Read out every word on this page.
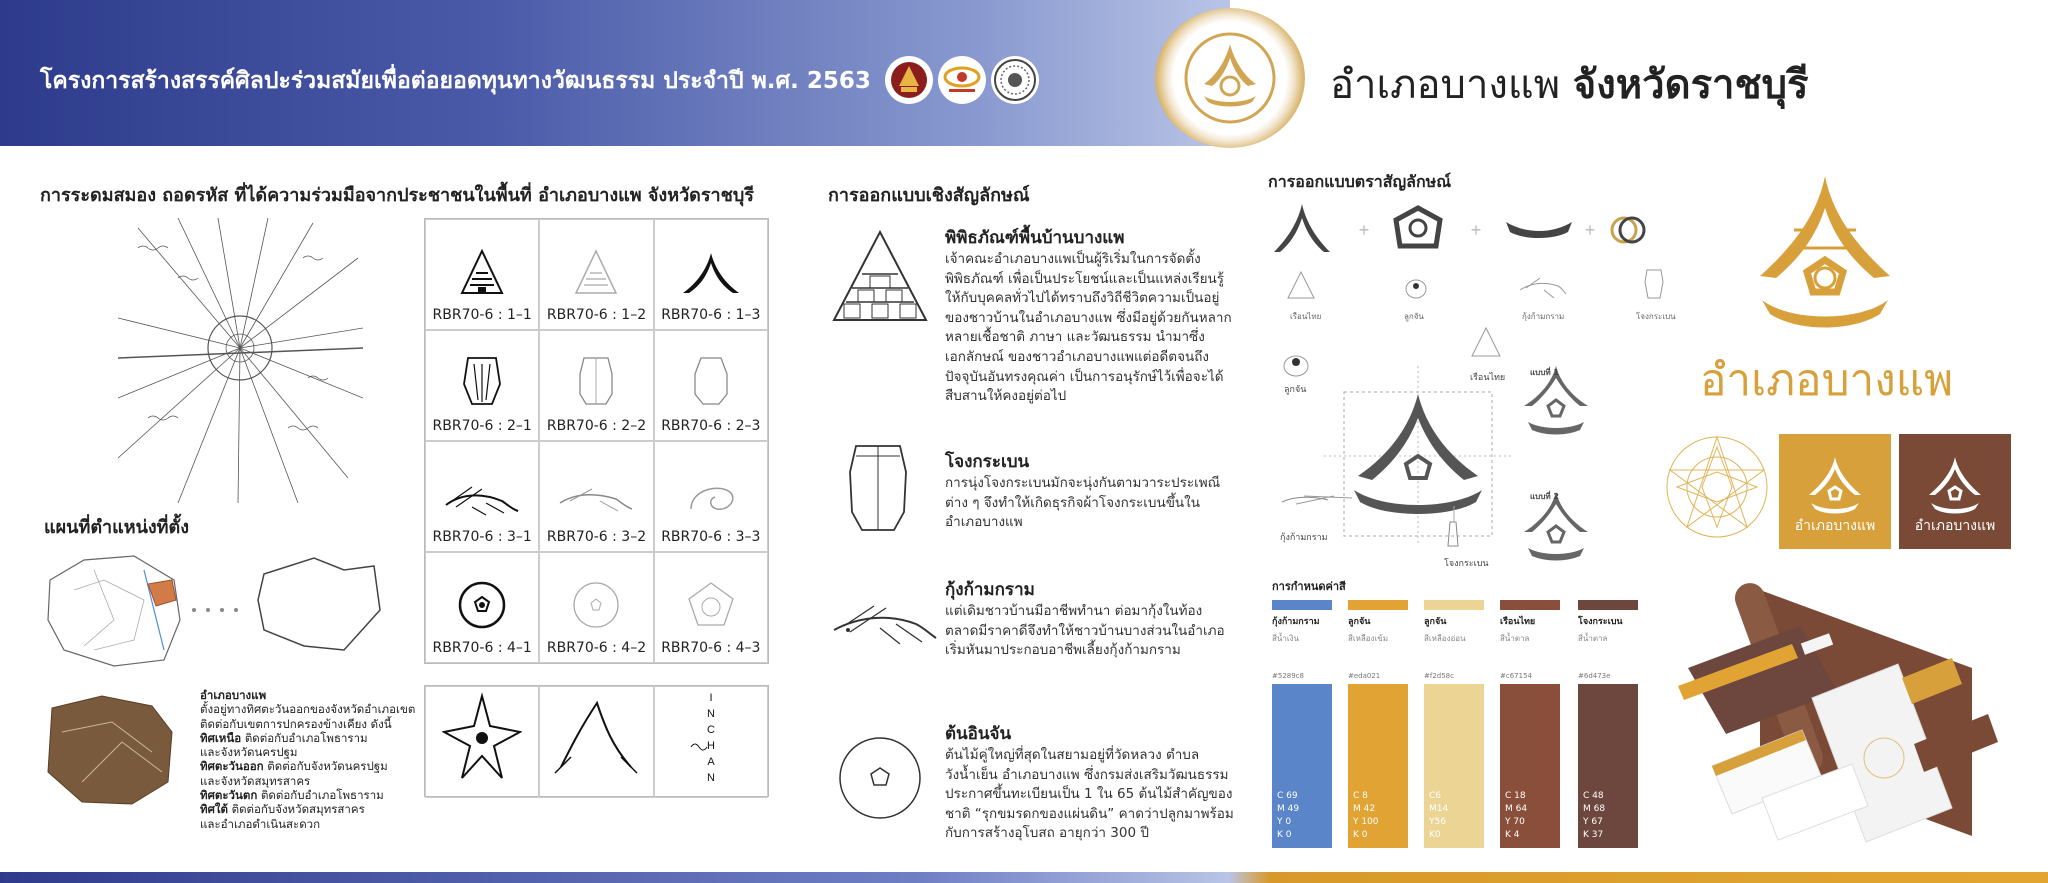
โครงการสร้างสรรค์ศิลปะร่วมสมัยเพื่อต่อยอดทุนทางวัฒนธรรม ประจำปี พ.ศ. 2563	อำเภอบางแพ จังหวัดราชบุรี
การระดมสมอง ถอดรหัส ที่ได้ความร่วมมือจากประชาชนในพื้นที่ อำเภอบางแพ จังหวัดราชบุรี
RBR70-6 : 1–1 RBR70-6 : 1–2 RBR70-6 : 1–3
RBR70-6 : 2–1 RBR70-6 : 2–2 RBR70-6 : 2–3
RBR70-6 : 3–1 RBR70-6 : 3–2 RBR70-6 : 3–3
RBR70-6 : 4–1 RBR70-6 : 4–2 RBR70-6 : 4–3
I
N
C
H
A
N
แผนที่ตำแหน่งที่ตั้ง
อำเภอบางแพ
ตั้งอยู่ทางทิศตะวันออกของจังหวัดอำเภอเขต
ติดต่อกับเขตการปกครองข้างเคียง ดังนี้
ทิศเหนือ ติดต่อกับอำเภอโพธาราม
และจังหวัดนครปฐม
ทิศตะวันออก ติดต่อกับจังหวัดนครปฐม
และจังหวัดสมุทรสาคร
ทิศตะวันตก ติดต่อกับอำเภอโพธาราม
ทิศใต้ ติดต่อกับจังหวัดสมุทรสาคร
และอำเภอดำเนินสะดวก
การออกแบบเชิงสัญลักษณ์
พิพิธภัณฑ์พื้นบ้านบางแพ
เจ้าคณะอำเภอบางแพเป็นผู้ริเริ่มในการจัดตั้งพิพิธภัณฑ์ เพื่อเป็นประโยชน์และเป็นแหล่งเรียนรู้ให้กับบุคคลทั่วไปได้ทราบถึงวิถีชีวิตความเป็นอยู่ของชาวบ้านในอำเภอบางแพ ซึ่งมีอยู่ด้วยกันหลากหลายเชื้อชาติ ภาษา และวัฒนธรรม นำมาซึ่งเอกลักษณ์ ของชาวอำเภอบางแพแต่อดีตจนถึงปัจจุบันอันทรงคุณค่า เป็นการอนุรักษ์ไว้เพื่อจะได้สืบสานให้คงอยู่ต่อไป
โจงกระเบน
การนุ่งโจงกระเบนมักจะนุ่งกันตามวาระประเพณีต่าง ๆ จึงทำให้เกิดธุรกิจผ้าโจงกระเบนขึ้นในอำเภอบางแพ
กุ้งก้ามกราม
แต่เดิมชาวบ้านมีอาชีพทำนา ต่อมากุ้งในท้องตลาดมีราคาดีจึงทำให้ชาวบ้านบางส่วนในอำเภอ เริ่มหันมาประกอบอาชีพเลี้ยงกุ้งก้ามกราม
ต้นอินจัน
ต้นไม้คู่ใหญ่ที่สุดในสยามอยู่ที่วัดหลวง ตำบลวังน้ำเย็น อำเภอบางแพ ซึ่งกรมส่งเสริมวัฒนธรรมประกาศขึ้นทะเบียนเป็น 1 ใน 65 ต้นไม้สำคัญของชาติ “รุกขมรดกของแผ่นดิน” คาดว่าปลูกมาพร้อมกับการสร้างอุโบสถ อายุกว่า 300 ปี
การออกแบบตราสัญลักษณ์
+	+	+
เรือนไทย	ลูกจัน	กุ้งก้ามกราม	โจงกระเบน
ลูกจัน
เรือนไทย
แบบที่ 1
แบบที่ 2
กุ้งก้ามกราม
โจงกระเบน
การกำหนดค่าสี
กุ้งก้ามกราม
สีน้ำเงิน
#5289c8
C 69
M 49
Y 0
K 0
ลูกจัน
สีเหลืองเข้ม
#eda021
C 8
M 42
Y 100
K 0
ลูกจัน
สีเหลืองอ่อน
#f2d58c
C6
M14
Y56
K0
เรือนไทย
สีน้ำตาล
#c67154
C 18
M 64
Y 70
K 4
โจงกระเบน
สีน้ำตาล
#6d473e
C 48
M 68
Y 67
K 37
อำเภอบางแพ
อำเภอบางแพ	อำเภอบางแพ
